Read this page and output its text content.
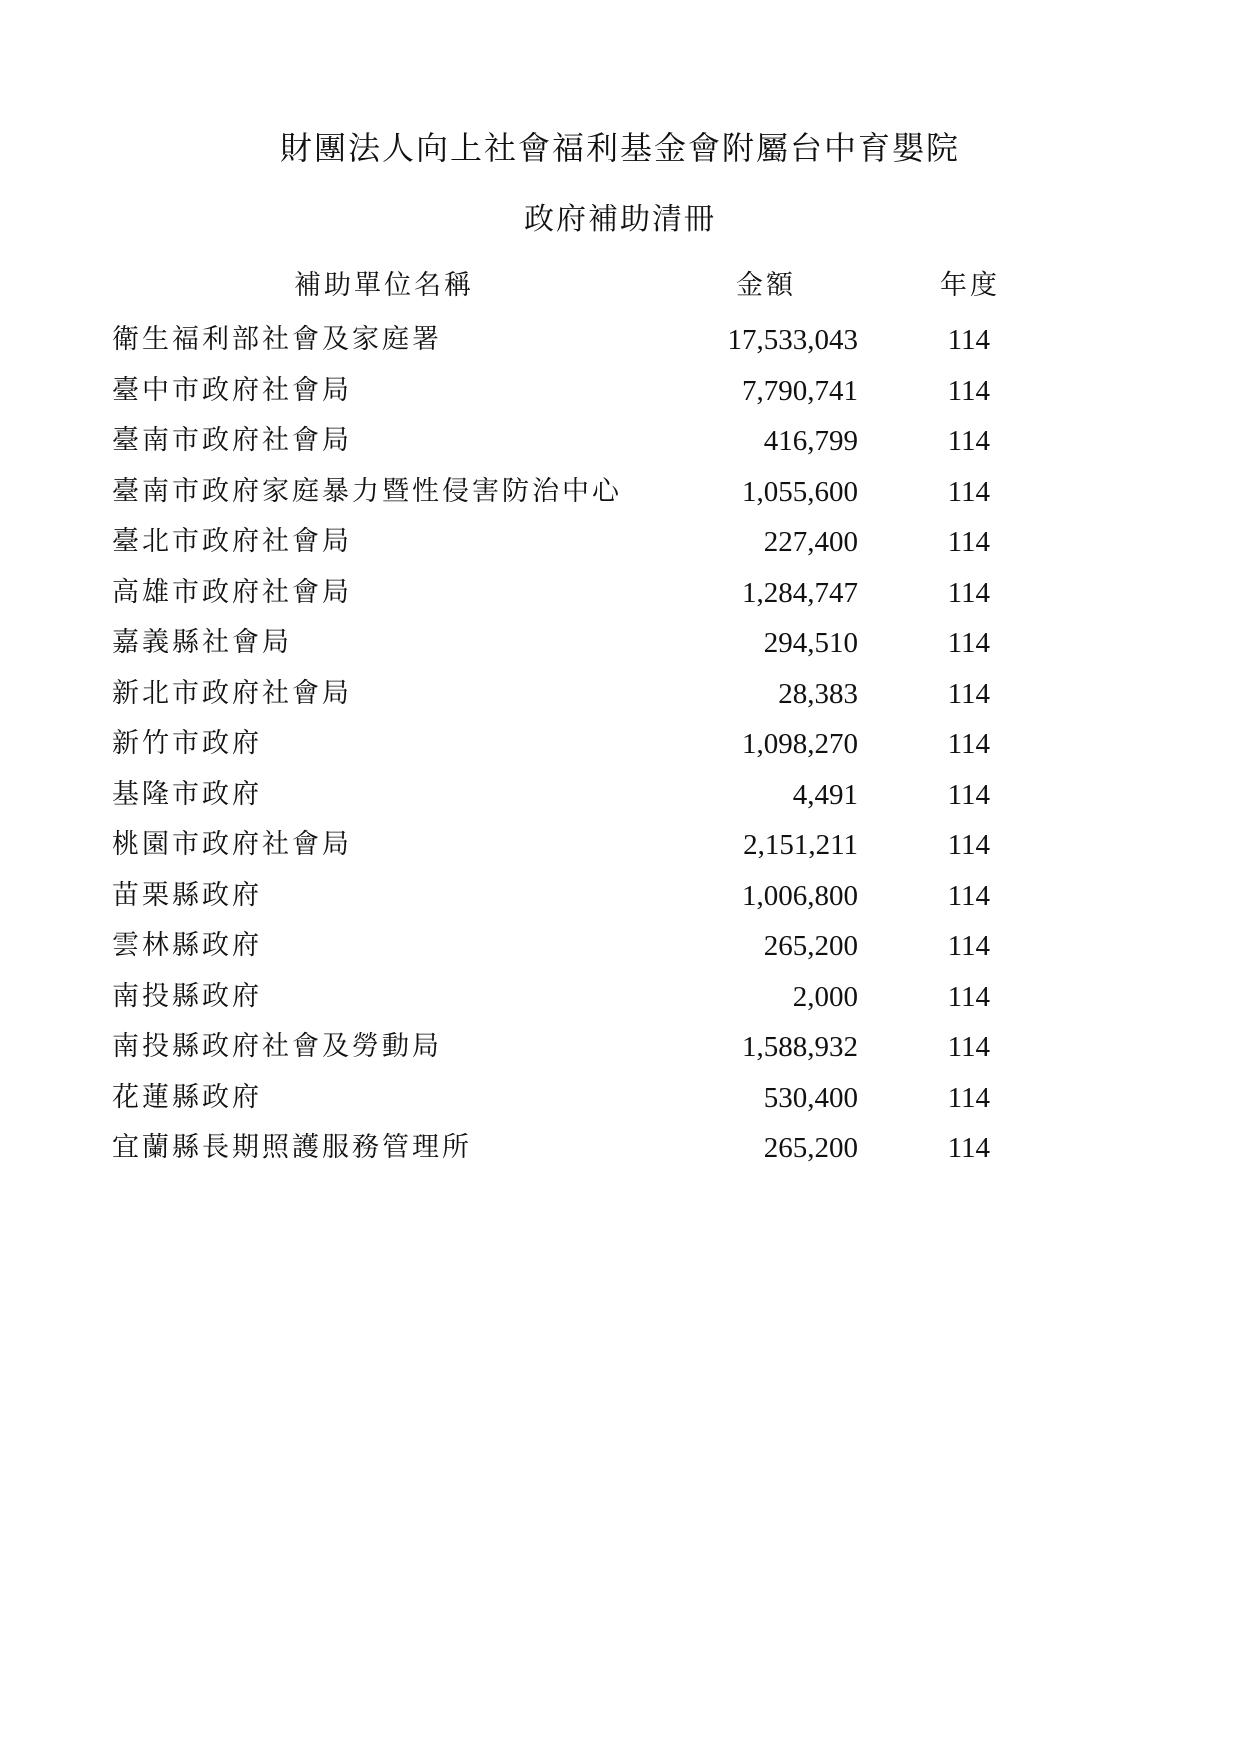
財團法人向上社會福利基金會附屬台中育嬰院
政府補助清冊
補助單位名稱	金額	年度
衛生福利部社會及家庭署	17,533,043	114
臺中市政府社會局	7,790,741	114
臺南市政府社會局	416,799	114
臺南市政府家庭暴力暨性侵害防治中心	1,055,600	114
臺北市政府社會局	227,400	114
高雄市政府社會局	1,284,747	114
嘉義縣社會局	294,510	114
新北市政府社會局	28,383	114
新竹市政府	1,098,270	114
基隆市政府	4,491	114
桃園市政府社會局	2,151,211	114
苗栗縣政府	1,006,800	114
雲林縣政府	265,200	114
南投縣政府	2,000	114
南投縣政府社會及勞動局	1,588,932	114
花蓮縣政府	530,400	114
宜蘭縣長期照護服務管理所	265,200	114
